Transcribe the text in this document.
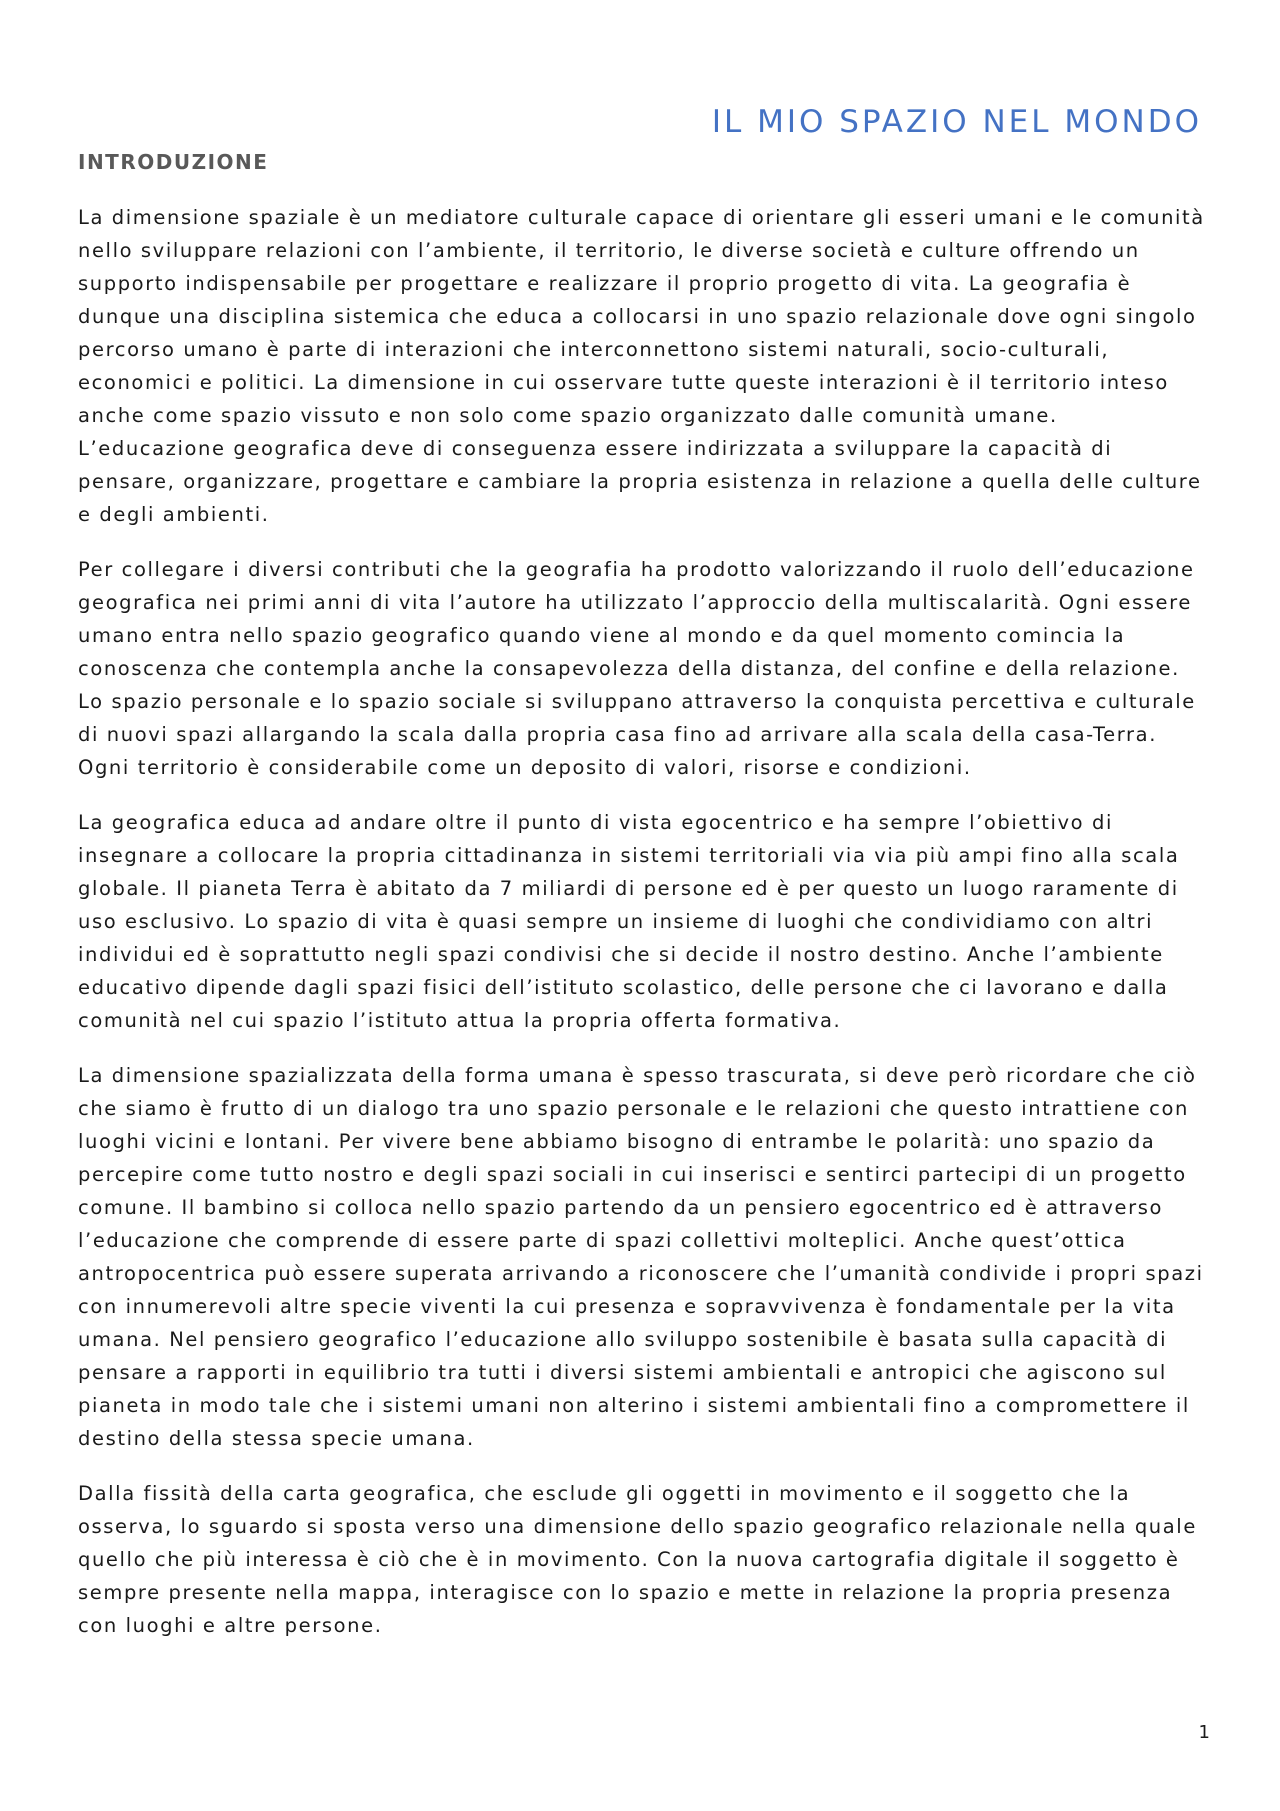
IL MIO SPAZIO NEL MONDO
INTRODUZIONE

La dimensione spaziale è un mediatore culturale capace di orientare gli esseri umani e le comunità nello sviluppare relazioni con l’ambiente, il territorio, le diverse società e culture offrendo un supporto indispensabile per progettare e realizzare il proprio progetto di vita. La geografia è dunque una disciplina sistemica che educa a collocarsi in uno spazio relazionale dove ogni singolo percorso umano è parte di interazioni che interconnettono sistemi naturali, socio-culturali, economici e politici. La dimensione in cui osservare tutte queste interazioni è il territorio inteso anche come spazio vissuto e non solo come spazio organizzato dalle comunità umane. L’educazione geografica deve di conseguenza essere indirizzata a sviluppare la capacità di pensare, organizzare, progettare e cambiare la propria esistenza in relazione a quella delle culture e degli ambienti.

Per collegare i diversi contributi che la geografia ha prodotto valorizzando il ruolo dell’educazione geografica nei primi anni di vita l’autore ha utilizzato l’approccio della multiscalarità. Ogni essere umano entra nello spazio geografico quando viene al mondo e da quel momento comincia la conoscenza che contempla anche la consapevolezza della distanza, del confine e della relazione. Lo spazio personale e lo spazio sociale si sviluppano attraverso la conquista percettiva e culturale di nuovi spazi allargando la scala dalla propria casa fino ad arrivare alla scala della casa-Terra. Ogni territorio è considerabile come un deposito di valori, risorse e condizioni.

La geografica educa ad andare oltre il punto di vista egocentrico e ha sempre l’obiettivo di insegnare a collocare la propria cittadinanza in sistemi territoriali via via più ampi fino alla scala globale. Il pianeta Terra è abitato da 7 miliardi di persone ed è per questo un luogo raramente di uso esclusivo. Lo spazio di vita è quasi sempre un insieme di luoghi che condividiamo con altri individui ed è soprattutto negli spazi condivisi che si decide il nostro destino. Anche l’ambiente educativo dipende dagli spazi fisici dell’istituto scolastico, delle persone che ci lavorano e dalla comunità nel cui spazio l’istituto attua la propria offerta formativa.

La dimensione spazializzata della forma umana è spesso trascurata, si deve però ricordare che ciò che siamo è frutto di un dialogo tra uno spazio personale e le relazioni che questo intrattiene con luoghi vicini e lontani. Per vivere bene abbiamo bisogno di entrambe le polarità: uno spazio da percepire come tutto nostro e degli spazi sociali in cui inserisci e sentirci partecipi di un progetto comune. Il bambino si colloca nello spazio partendo da un pensiero egocentrico ed è attraverso l’educazione che comprende di essere parte di spazi collettivi molteplici. Anche quest’ottica antropocentrica può essere superata arrivando a riconoscere che l’umanità condivide i propri spazi con innumerevoli altre specie viventi la cui presenza e sopravvivenza è fondamentale per la vita umana. Nel pensiero geografico l’educazione allo sviluppo sostenibile è basata sulla capacità di pensare a rapporti in equilibrio tra tutti i diversi sistemi ambientali e antropici che agiscono sul pianeta in modo tale che i sistemi umani non alterino i sistemi ambientali fino a compromettere il destino della stessa specie umana.

Dalla fissità della carta geografica, che esclude gli oggetti in movimento e il soggetto che la osserva, lo sguardo si sposta verso una dimensione dello spazio geografico relazionale nella quale quello che più interessa è ciò che è in movimento. Con la nuova cartografia digitale il soggetto è sempre presente nella mappa, interagisce con lo spazio e mette in relazione la propria presenza con luoghi e altre persone.

1
